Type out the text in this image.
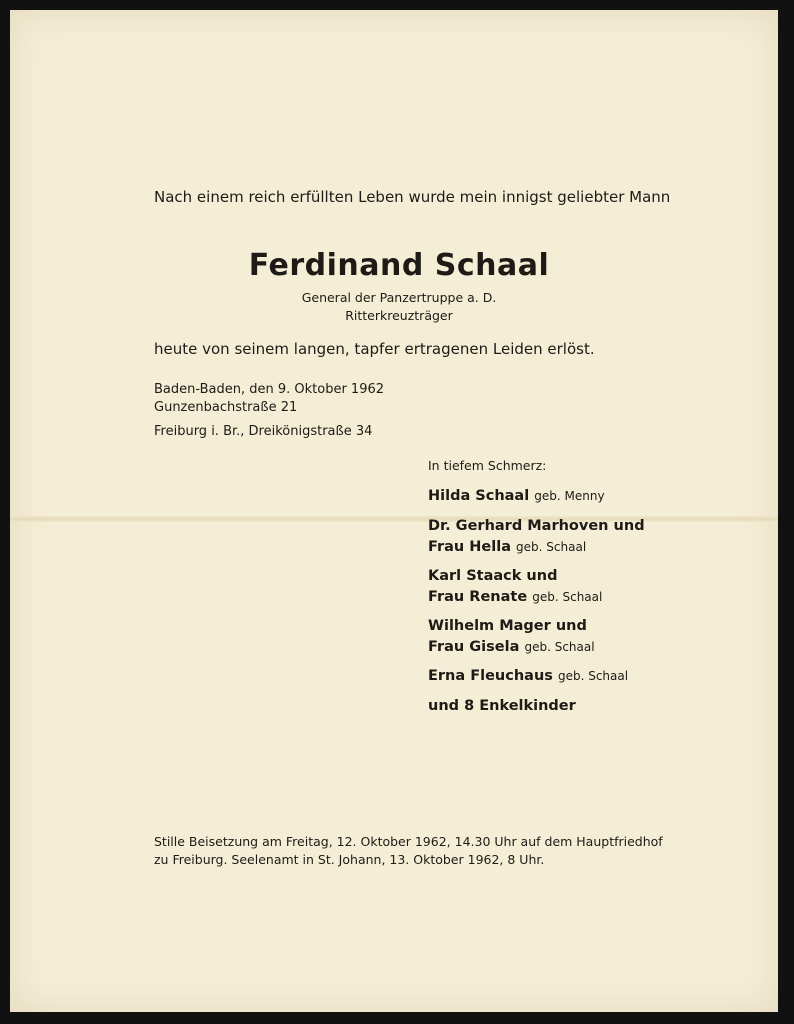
Nach einem reich erfüllten Leben wurde mein innigst geliebter Mann
Ferdinand Schaal
General der Panzertruppe a. D.
Ritterkreuzträger
heute von seinem langen, tapfer ertragenen Leiden erlöst.
Baden-Baden, den 9. Oktober 1962
Gunzenbachstraße 21
Freiburg i. Br., Dreikönigstraße 34
In tiefem Schmerz:
Hilda Schaal geb. Menny
Dr. Gerhard Marhoven und
Frau Hella geb. Schaal
Karl Staack und
Frau Renate geb. Schaal
Wilhelm Mager und
Frau Gisela geb. Schaal
Erna Fleuchaus geb. Schaal
und 8 Enkelkinder
Stille Beisetzung am Freitag, 12. Oktober 1962, 14.30 Uhr auf dem Hauptfriedhof
zu Freiburg. Seelenamt in St. Johann, 13. Oktober 1962, 8 Uhr.
